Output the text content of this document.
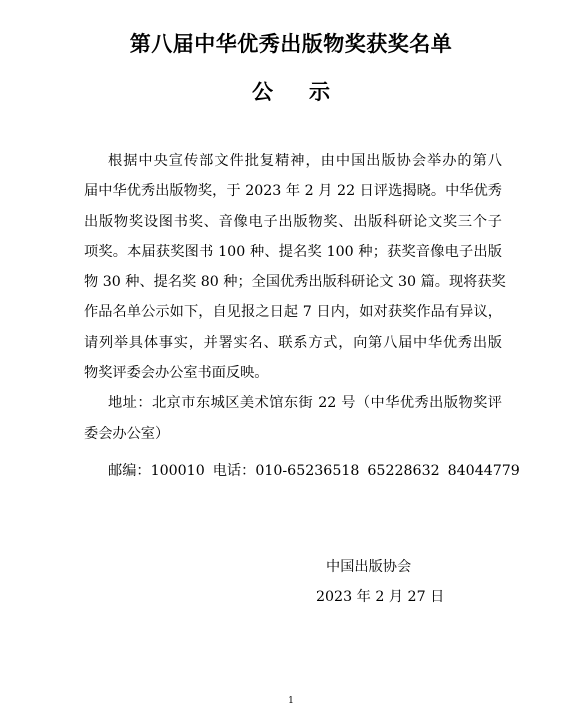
第八届中华优秀出版物奖获奖名单
公 示
根据中央宣传部文件批复精神，由中国出版协会举办的第八
届中华优秀出版物奖，于 2023 年 2 月 22 日评选揭晓。中华优秀
出版物奖设图书奖、音像电子出版物奖、出版科研论文奖三个子
项奖。本届获奖图书 100 种、提名奖 100 种；获奖音像电子出版
物 30 种、提名奖 80 种；全国优秀出版科研论文 30 篇。现将获奖
作品名单公示如下，自见报之日起 7 日内，如对获奖作品有异议，
请列举具体事实，并署实名、联系方式，向第八届中华优秀出版
物奖评委会办公室书面反映。
地址：北京市东城区美术馆东街 22 号（中华优秀出版物奖评
委会办公室）
邮编：100010 电话：010-65236518 65228632 84044779
中国出版协会
2023 年 2 月 27 日
1
